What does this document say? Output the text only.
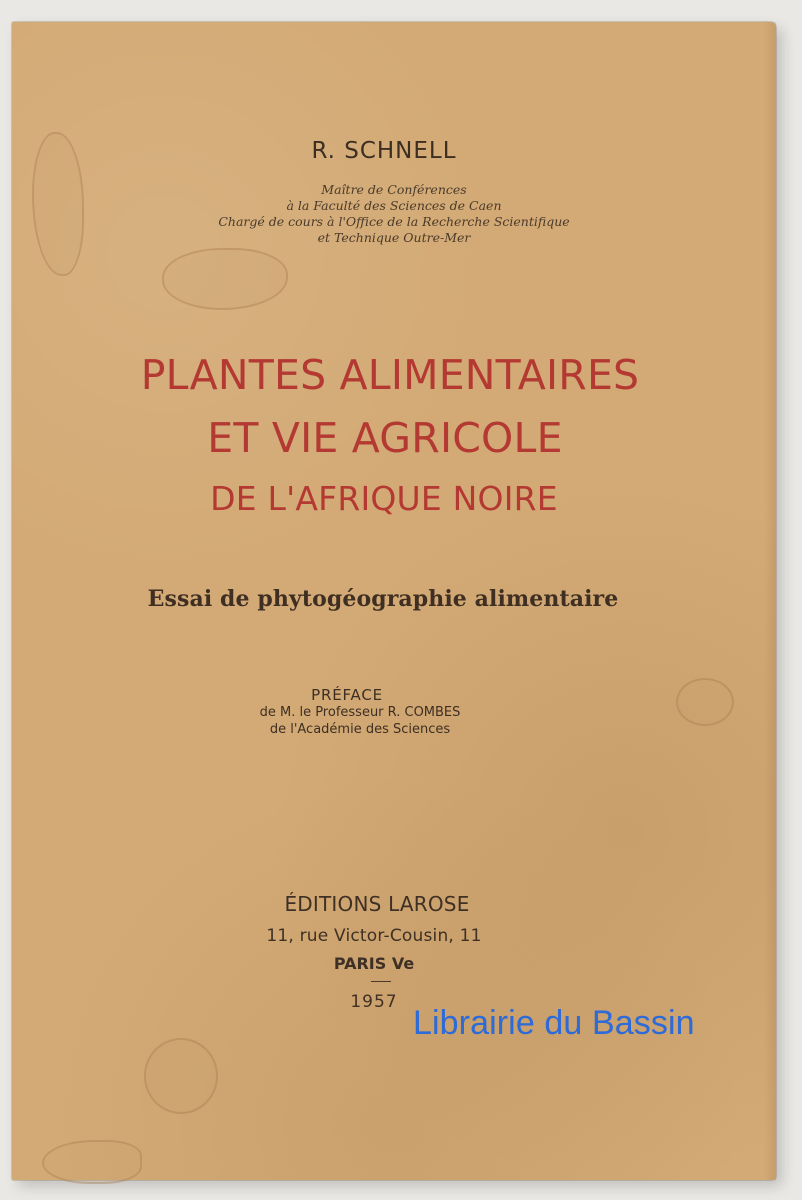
R. SCHNELL
Maître de Conférences
à la Faculté des Sciences de Caen
Chargé de cours à l'Office de la Recherche Scientifique
et Technique Outre-Mer
PLANTES ALIMENTAIRES
ET VIE AGRICOLE
DE L'AFRIQUE NOIRE
Essai de phytogéographie alimentaire
PRÉFACE
de M. le Professeur R. COMBES
de l'Académie des Sciences
ÉDITIONS LAROSE
11, rue Victor-Cousin, 11
PARIS Ve
1957
Librairie du Bassin
